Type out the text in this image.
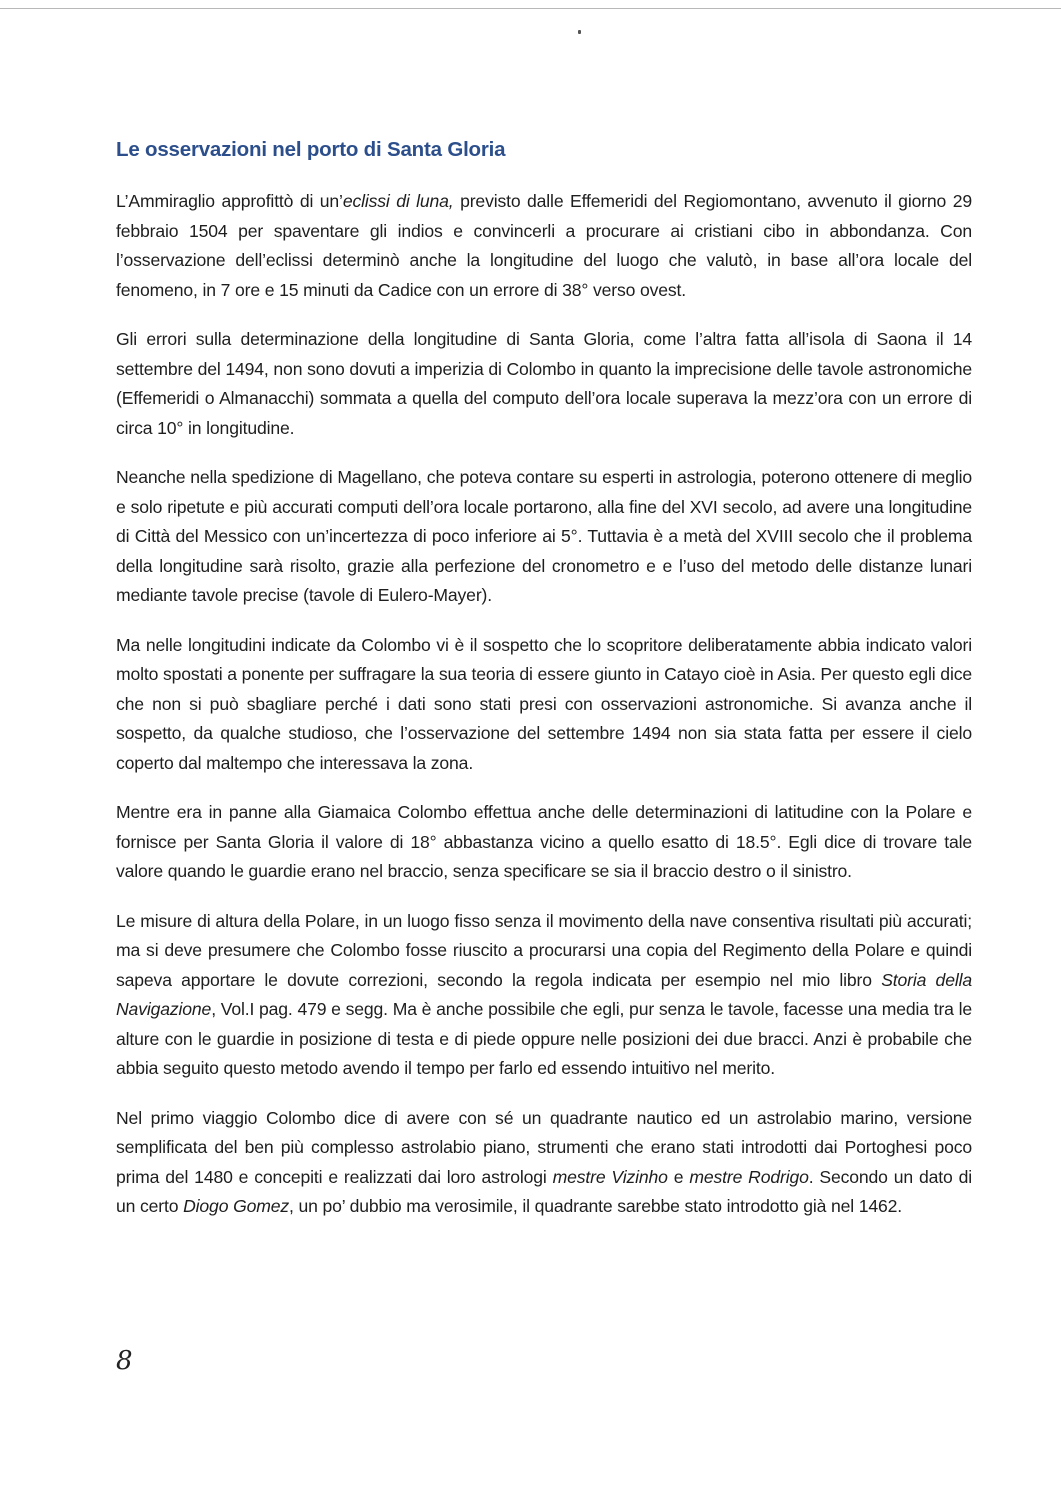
Le osservazioni nel porto di Santa Gloria

L’Ammiraglio approfittò di un’eclissi di luna, previsto dalle Effemeridi del Regiomontano, avvenuto il giorno 29 febbraio 1504 per spaventare gli indios e convincerli a procurare ai cristiani cibo in abbondanza. Con l’osservazione dell’eclissi determinò anche la longitudine del luogo che valutò, in base all’ora locale del fenomeno, in 7 ore e 15 minuti da Cadice con un errore di 38° verso ovest.

Gli errori sulla determinazione della longitudine di Santa Gloria, come l’altra fatta all’isola di Saona il 14 settembre del 1494, non sono dovuti a imperizia di Colombo in quanto la imprecisione delle tavole astronomiche (Effemeridi o Almanacchi) sommata a quella del computo dell’ora locale superava la mezz’ora con un errore di circa 10° in longitudine.

Neanche nella spedizione di Magellano, che poteva contare su esperti in astrologia, poterono ottenere di meglio e solo ripetute e più accurati computi dell’ora locale portarono, alla fine del XVI secolo, ad avere una longitudine di Città del Messico con un’incertezza di poco inferiore ai 5°. Tuttavia è a metà del XVIII secolo che il problema della longitudine sarà risolto, grazie alla perfezione del cronometro e e l’uso del metodo delle distanze lunari mediante tavole precise (tavole di Eulero-Mayer).

Ma nelle longitudini indicate da Colombo vi è il sospetto che lo scopritore deliberatamente abbia indicato valori molto spostati a ponente per suffragare la sua teoria di essere giunto in Catayo cioè in Asia. Per questo egli dice che non si può sbagliare perché i dati sono stati presi con osservazioni astronomiche. Si avanza anche il sospetto, da qualche studioso, che l’osservazione del settembre 1494 non sia stata fatta per essere il cielo coperto dal maltempo che interessava la zona.

Mentre era in panne alla Giamaica Colombo effettua anche delle determinazioni di latitudine con la Polare e fornisce per Santa Gloria il valore di 18° abbastanza vicino a quello esatto di 18.5°. Egli dice di trovare tale valore quando le guardie erano nel braccio, senza specificare se sia il braccio destro o il sinistro.

Le misure di altura della Polare, in un luogo fisso senza il movimento della nave consentiva risultati più accurati; ma si deve presumere che Colombo fosse riuscito a procurarsi una copia del Regimento della Polare e quindi sapeva apportare le dovute correzioni, secondo la regola indicata per esempio nel mio libro Storia della Navigazione, Vol.I pag. 479 e segg. Ma è anche possibile che egli, pur senza le tavole, facesse una media tra le alture con le guardie in posizione di testa e di piede oppure nelle posizioni dei due bracci. Anzi è probabile che abbia seguito questo metodo avendo il tempo per farlo ed essendo intuitivo nel merito.

Nel primo viaggio Colombo dice di avere con sé un quadrante nautico ed un astrolabio marino, versione semplificata del ben più complesso astrolabio piano, strumenti che erano stati introdotti dai Portoghesi poco prima del 1480 e concepiti e realizzati dai loro astrologi mestre Vizinho e mestre Rodrigo. Secondo un dato di un certo Diogo Gomez, un po’ dubbio ma verosimile, il quadrante sarebbe stato introdotto già nel 1462.

8
